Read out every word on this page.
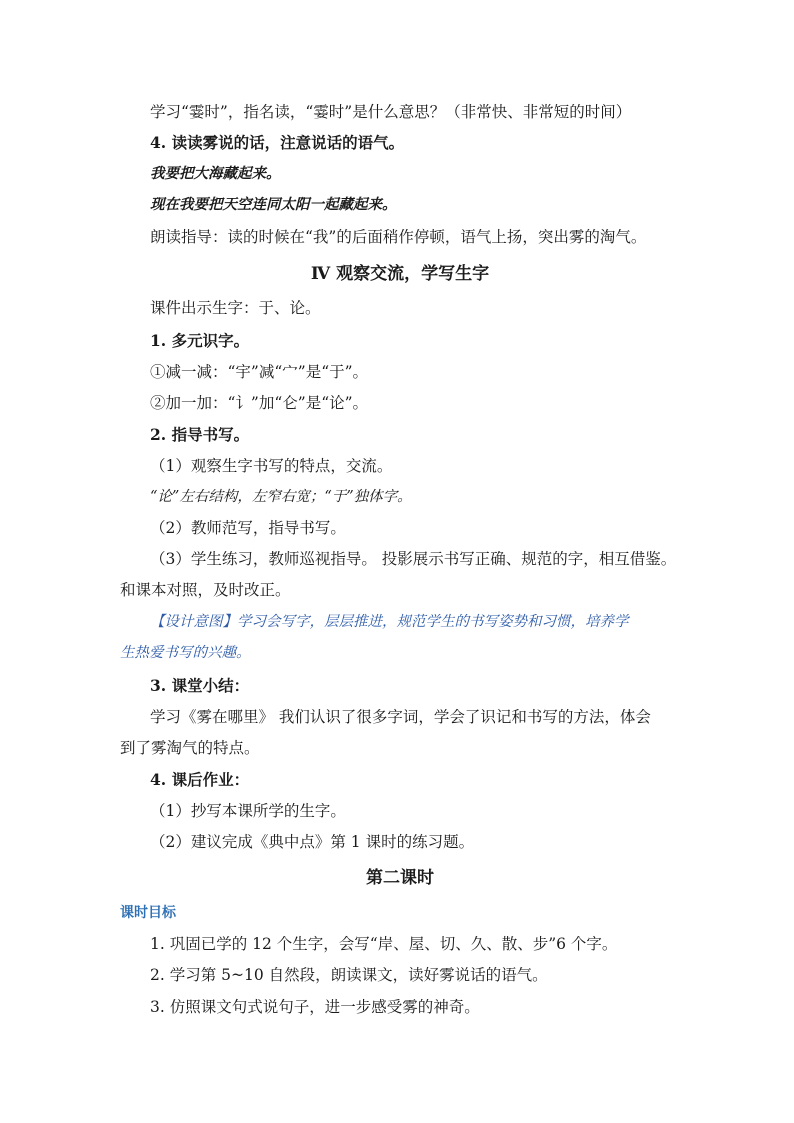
学习“霎时”，指名读，“霎时”是什么意思？（非常快、非常短的时间）
4. 读读雾说的话，注意说话的语气。
我要把大海藏起来。
现在我要把天空连同太阳一起藏起来。
朗读指导：读的时候在“我”的后面稍作停顿，语气上扬，突出雾的淘气。
Ⅳ 观察交流，学写生字
课件出示生字：于、论。
1. 多元识字。
①减一减：“宇”减“宀”是“于”。
②加一加：“讠”加“仑”是“论”。
2. 指导书写。
（1）观察生字书写的特点，交流。
“论”左右结构，左窄右宽；“于”独体字。
（2）教师范写，指导书写。
（3）学生练习，教师巡视指导。 投影展示书写正确、规范的字，相互借鉴。
和课本对照，及时改正。
【设计意图】学习会写字，层层推进，规范学生的书写姿势和习惯，培养学
生热爱书写的兴趣。
3. 课堂小结：
学习《雾在哪里》 我们认识了很多字词，学会了识记和书写的方法，体会
到了雾淘气的特点。
4. 课后作业：
（1）抄写本课所学的生字。
（2）建议完成《典中点》第 1 课时的练习题。
第二课时
课时目标
1. 巩固已学的 12 个生字，会写“岸、屋、切、久、散、步”6 个字。
2. 学习第 5~10 自然段，朗读课文，读好雾说话的语气。
3. 仿照课文句式说句子，进一步感受雾的神奇。
